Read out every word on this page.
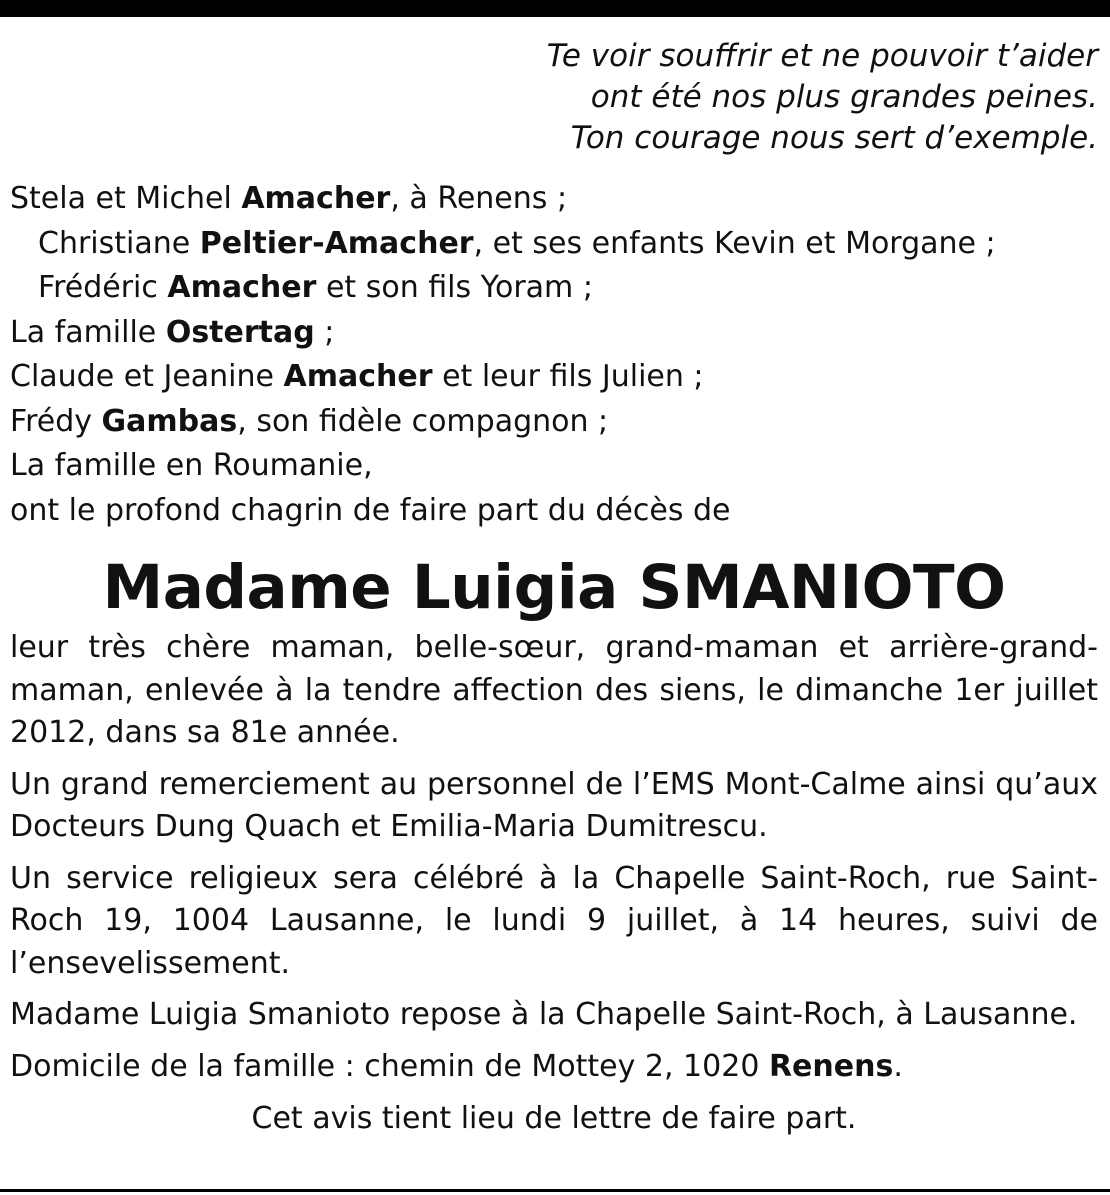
Te voir souffrir et ne pouvoir t’aider
ont été nos plus grandes peines.
Ton courage nous sert d’exemple.
Stela et Michel Amacher, à Renens ;
Christiane Peltier-Amacher, et ses enfants Kevin et Morgane ;
Frédéric Amacher et son fils Yoram ;
La famille Ostertag ;
Claude et Jeanine Amacher et leur fils Julien ;
Frédy Gambas, son fidèle compagnon ;
La famille en Roumanie,
ont le profond chagrin de faire part du décès de
Madame Luigia SMANIOTO

leur très chère maman, belle-sœur, grand-maman et arrière-grand-maman, enlevée à la tendre affection des siens, le dimanche 1er juillet 2012, dans sa 81e année.

Un grand remerciement au personnel de l’EMS Mont-Calme ainsi qu’aux Docteurs Dung Quach et Emilia-Maria Dumitrescu.

Un service religieux sera célébré à la Chapelle Saint-Roch, rue Saint-Roch 19, 1004 Lausanne, le lundi 9 juillet, à 14 heures, suivi de l’ensevelissement.

Madame Luigia Smanioto repose à la Chapelle Saint-Roch, à Lausanne.

Domicile de la famille : chemin de Mottey 2, 1020 Renens.

Cet avis tient lieu de lettre de faire part.
